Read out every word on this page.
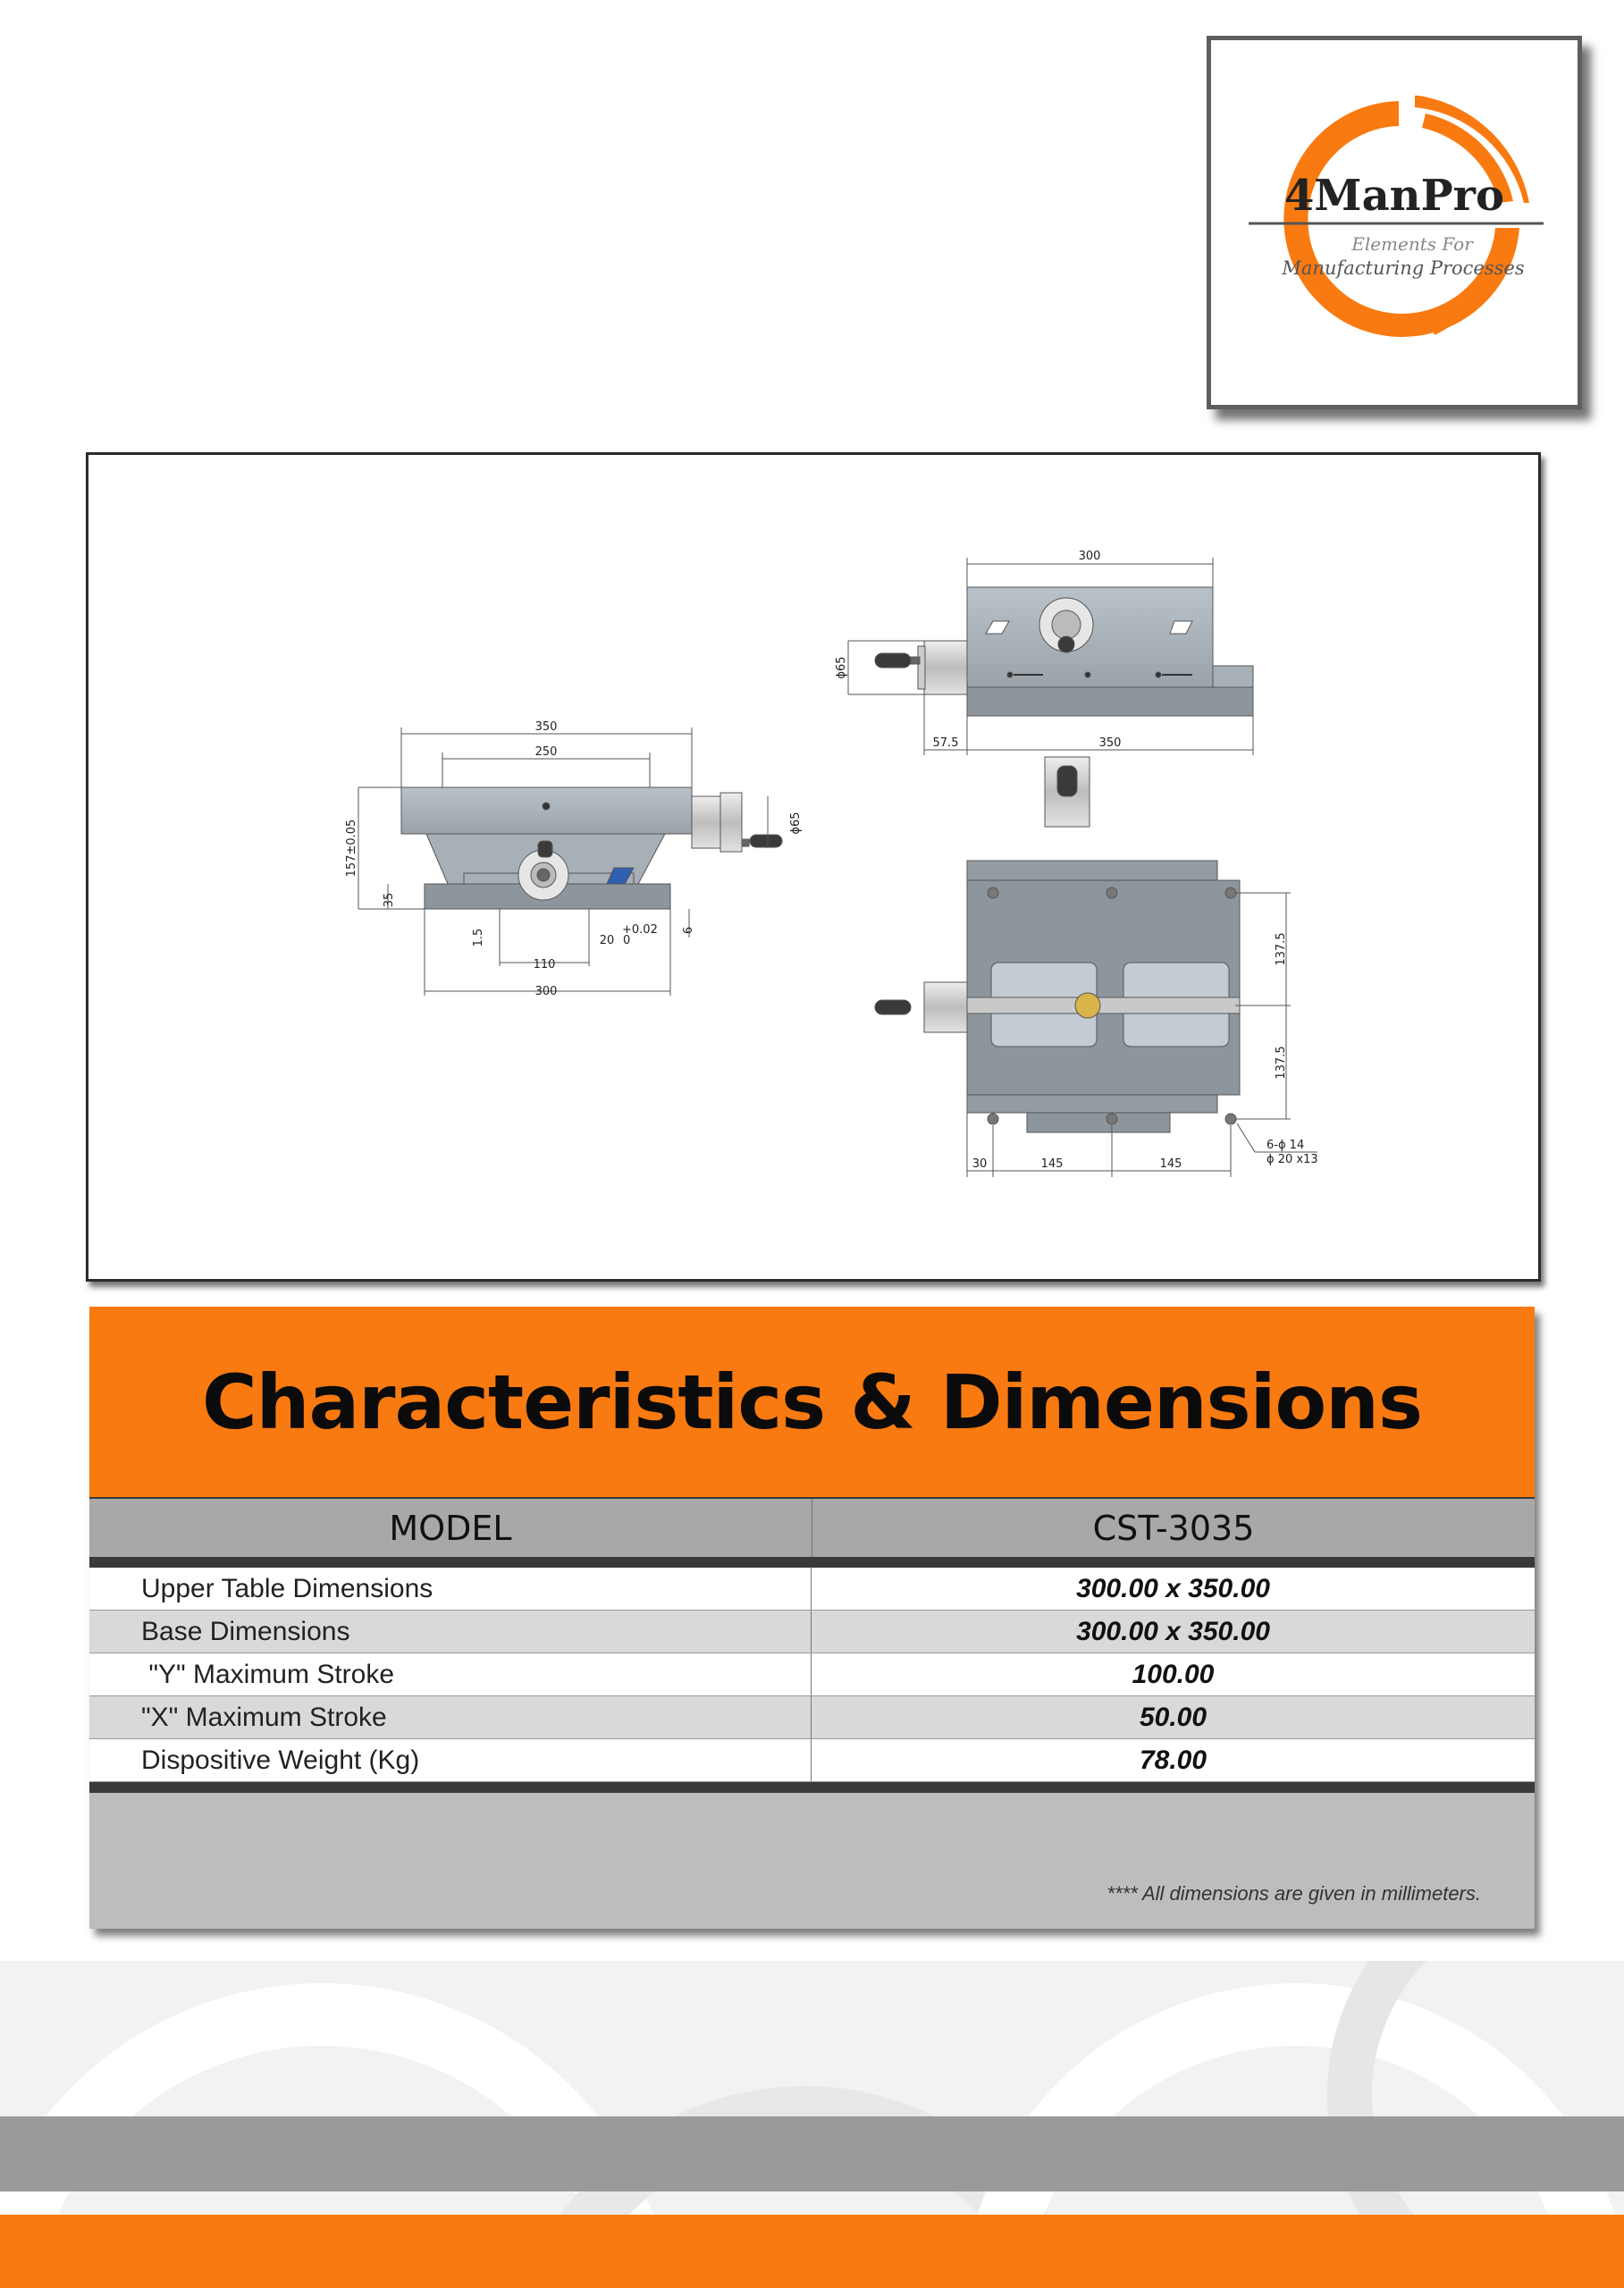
4ManPro
Elements For
Manufacturing Processes
350
250
157±0.05
35
1.5
110
20
+0.02
0
6
300
ϕ65
300
ϕ65
57.5	350
137.5
137.5
30	145	145
6-ϕ 14
ϕ 20 x13
Characteristics & Dimensions
MODEL	CST-3035
Upper Table Dimensions	300.00 x 350.00
Base Dimensions	300.00 x 350.00
"Y" Maximum Stroke	100.00
"X" Maximum Stroke	50.00
Dispositive Weight (Kg)	78.00
**** All dimensions are given in millimeters.
